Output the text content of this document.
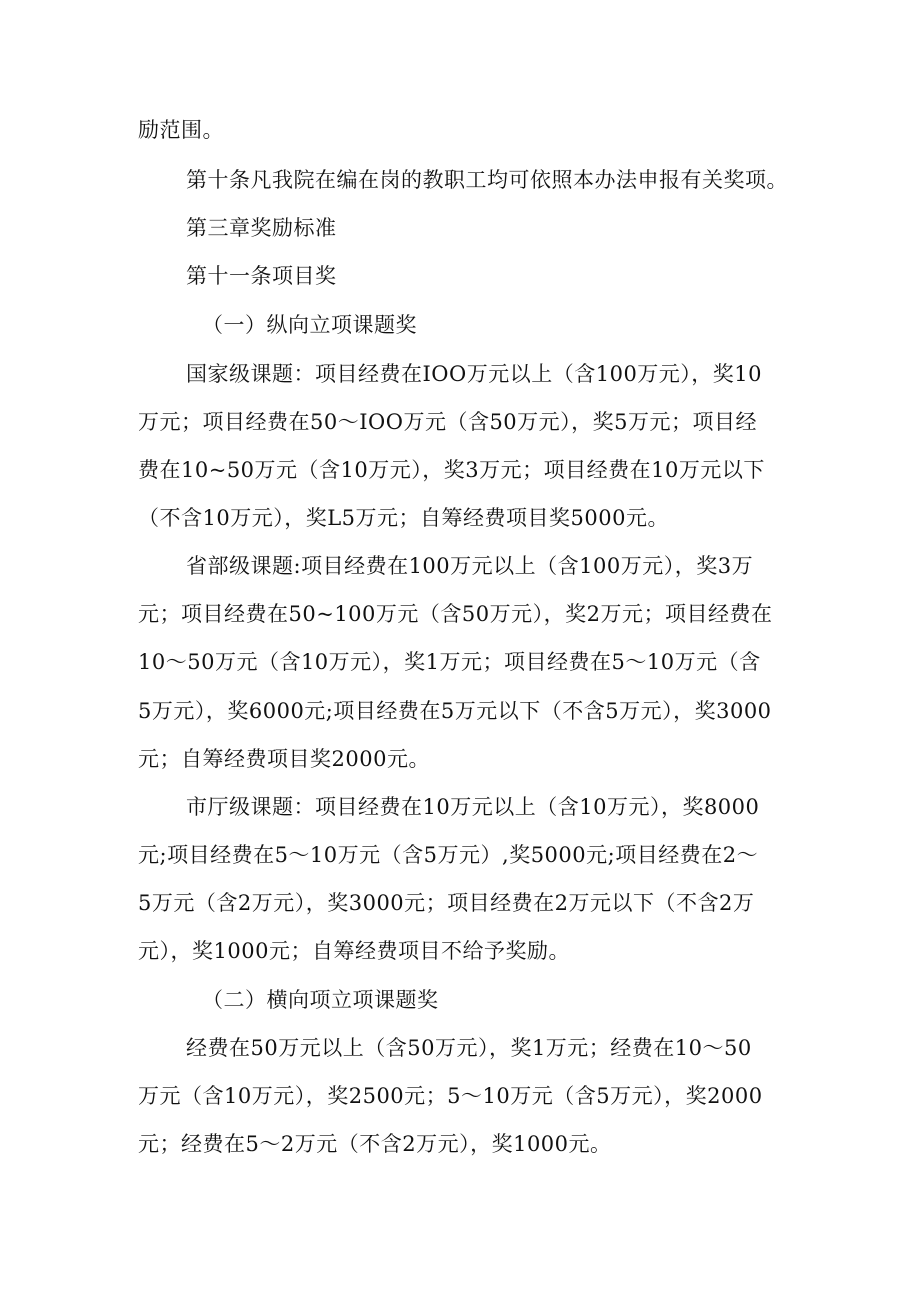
励范围。
第十条凡我院在编在岗的教职工均可依照本办法申报有关奖项。
第三章奖励标准
第十一条项目奖
（一）纵向立项课题奖
国家级课题：项目经费在IOO万元以上（含100万元），奖10
万元；项目经费在50～IOO万元（含50万元），奖5万元；项目经
费在10~50万元（含10万元），奖3万元；项目经费在10万元以下
（不含10万元），奖L5万元；自筹经费项目奖5000元。
省部级课题:项目经费在100万元以上（含100万元），奖3万
元；项目经费在50~100万元（含50万元），奖2万元；项目经费在
10～50万元（含10万元），奖1万元；项目经费在5～10万元（含
5万元），奖6000元;项目经费在5万元以下（不含5万元），奖3000
元；自筹经费项目奖2000元。
市厅级课题：项目经费在10万元以上（含10万元），奖8000
元;项目经费在5～10万元（含5万元）,奖5000元;项目经费在2～
5万元（含2万元），奖3000元；项目经费在2万元以下（不含2万
元），奖1000元；自筹经费项目不给予奖励。
（二）横向项立项课题奖
经费在50万元以上（含50万元），奖1万元；经费在10～50
万元（含10万元），奖2500元；5～10万元（含5万元），奖2000
元；经费在5～2万元（不含2万元），奖1000元。
